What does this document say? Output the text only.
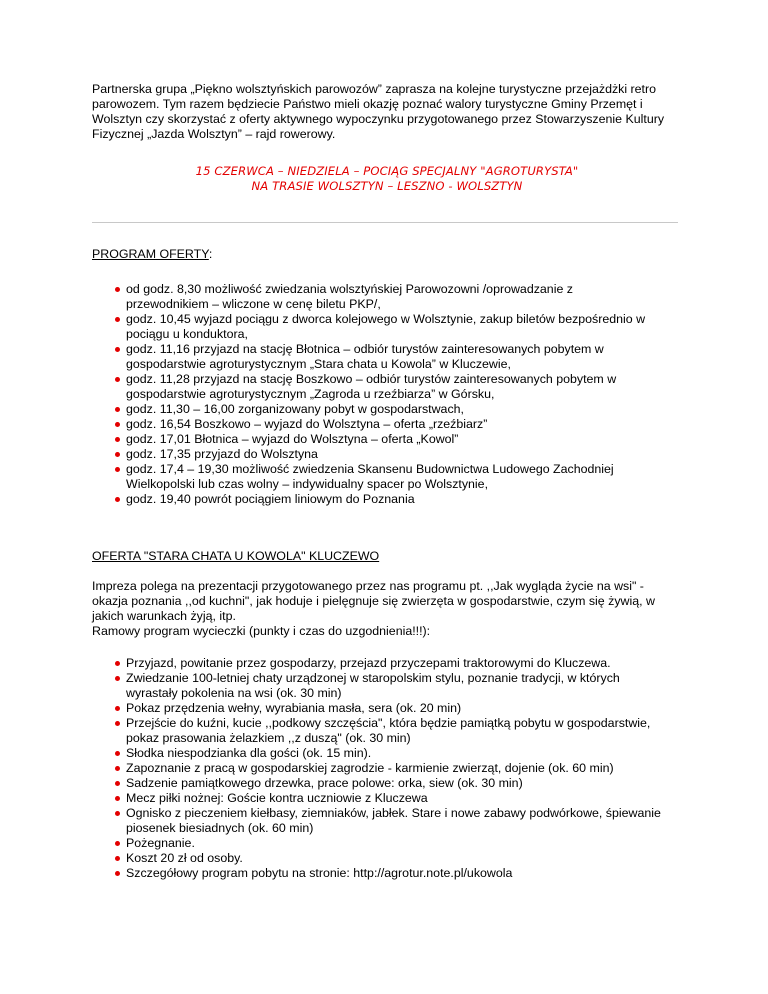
Partnerska grupa „Piękno wolsztyńskich parowozów” zaprasza na kolejne turystyczne przejażdżki retro parowozem. Tym razem będziecie Państwo mieli okazję poznać walory turystyczne Gminy Przemęt i Wolsztyn czy skorzystać z oferty aktywnego wypoczynku przygotowanego przez Stowarzyszenie Kultury Fizycznej „Jazda Wolsztyn” – rajd rowerowy.

15 CZERWCA – NIEDZIELA – POCIĄG SPECJALNY "AGROTURYSTA"
NA TRASIE WOLSZTYN – LESZNO - WOLSZTYN

PROGRAM OFERTY:

od godz. 8,30 możliwość zwiedzania wolsztyńskiej Parowozowni /oprowadzanie z przewodnikiem – wliczone w cenę biletu PKP/,
godz. 10,45 wyjazd pociągu z dworca kolejowego w Wolsztynie, zakup biletów bezpośrednio w pociągu u konduktora,
godz. 11,16 przyjazd na stację Błotnica – odbiór turystów zainteresowanych pobytem w gospodarstwie agroturystycznym „Stara chata u Kowola” w Kluczewie,
godz. 11,28 przyjazd na stację Boszkowo – odbiór turystów zainteresowanych pobytem w gospodarstwie agroturystycznym „Zagroda u rzeźbiarza” w Górsku,
godz. 11,30 – 16,00 zorganizowany pobyt w gospodarstwach,
godz. 16,54 Boszkowo – wyjazd do Wolsztyna – oferta „rzeźbiarz”
godz. 17,01 Błotnica – wyjazd do Wolsztyna – oferta „Kowol”
godz. 17,35 przyjazd do Wolsztyna
godz. 17,4 – 19,30 możliwość zwiedzenia Skansenu Budownictwa Ludowego Zachodniej Wielkopolski lub czas wolny – indywidualny spacer po Wolsztynie,
godz. 19,40 powrót pociągiem liniowym do Poznania

OFERTA "STARA CHATA U KOWOLA" KLUCZEWO

Impreza polega na prezentacji przygotowanego przez nas programu pt. ,,Jak wygląda życie na wsi" - okazja poznania ,,od kuchni", jak hoduje i pielęgnuje się zwierzęta w gospodarstwie, czym się żywią, w jakich warunkach żyją, itp.

Ramowy program wycieczki (punkty i czas do uzgodnienia!!!):

Przyjazd, powitanie przez gospodarzy, przejazd przyczepami traktorowymi do Kluczewa.
Zwiedzanie 100-letniej chaty urządzonej w staropolskim stylu, poznanie tradycji, w których wyrastały pokolenia na wsi (ok. 30 min)
Pokaz przędzenia wełny, wyrabiania masła, sera (ok. 20 min)
Przejście do kuźni, kucie ,,podkowy szczęścia", która będzie pamiątką pobytu w gospodarstwie, pokaz prasowania żelazkiem ,,z duszą" (ok. 30 min)
Słodka niespodzianka dla gości (ok. 15 min).
Zapoznanie z pracą w gospodarskiej zagrodzie - karmienie zwierząt, dojenie (ok. 60 min)
Sadzenie pamiątkowego drzewka, prace polowe: orka, siew (ok. 30 min)
Mecz piłki nożnej: Goście kontra uczniowie z Kluczewa
Ognisko z pieczeniem kiełbasy, ziemniaków, jabłek. Stare i nowe zabawy podwórkowe, śpiewanie piosenek biesiadnych (ok. 60 min)
Pożegnanie.
Koszt 20 zł od osoby.
Szczegółowy program pobytu na stronie: http://agrotur.note.pl/ukowola
